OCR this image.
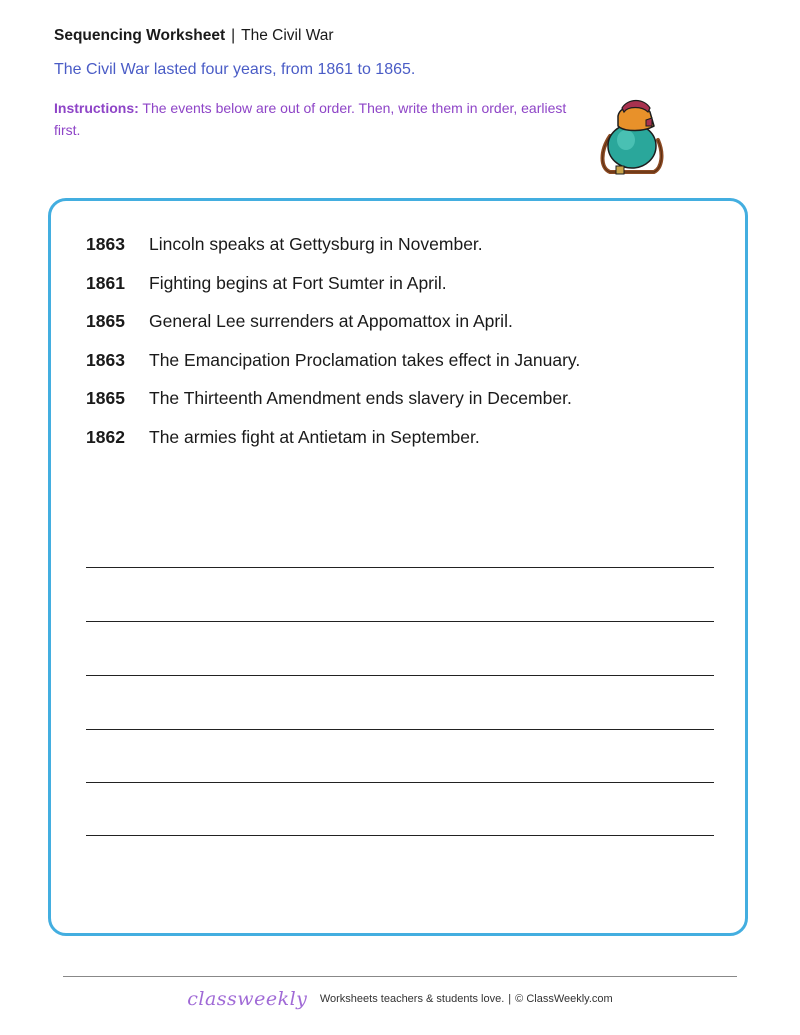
Sequencing Worksheet | The Civil War
The Civil War lasted four years, from 1861 to 1865.
Instructions: The events below are out of order. Then, write them in order, earliest first.
1863	Lincoln speaks at Gettysburg in November.
1861	Fighting begins at Fort Sumter in April.
1865	General Lee surrenders at Appomattox in April.
1863	The Emancipation Proclamation takes effect in January.
1865	The Thirteenth Amendment ends slavery in December.
1862	The armies fight at Antietam in September.
classweekly Worksheets teachers & students love. | © ClassWeekly.com
